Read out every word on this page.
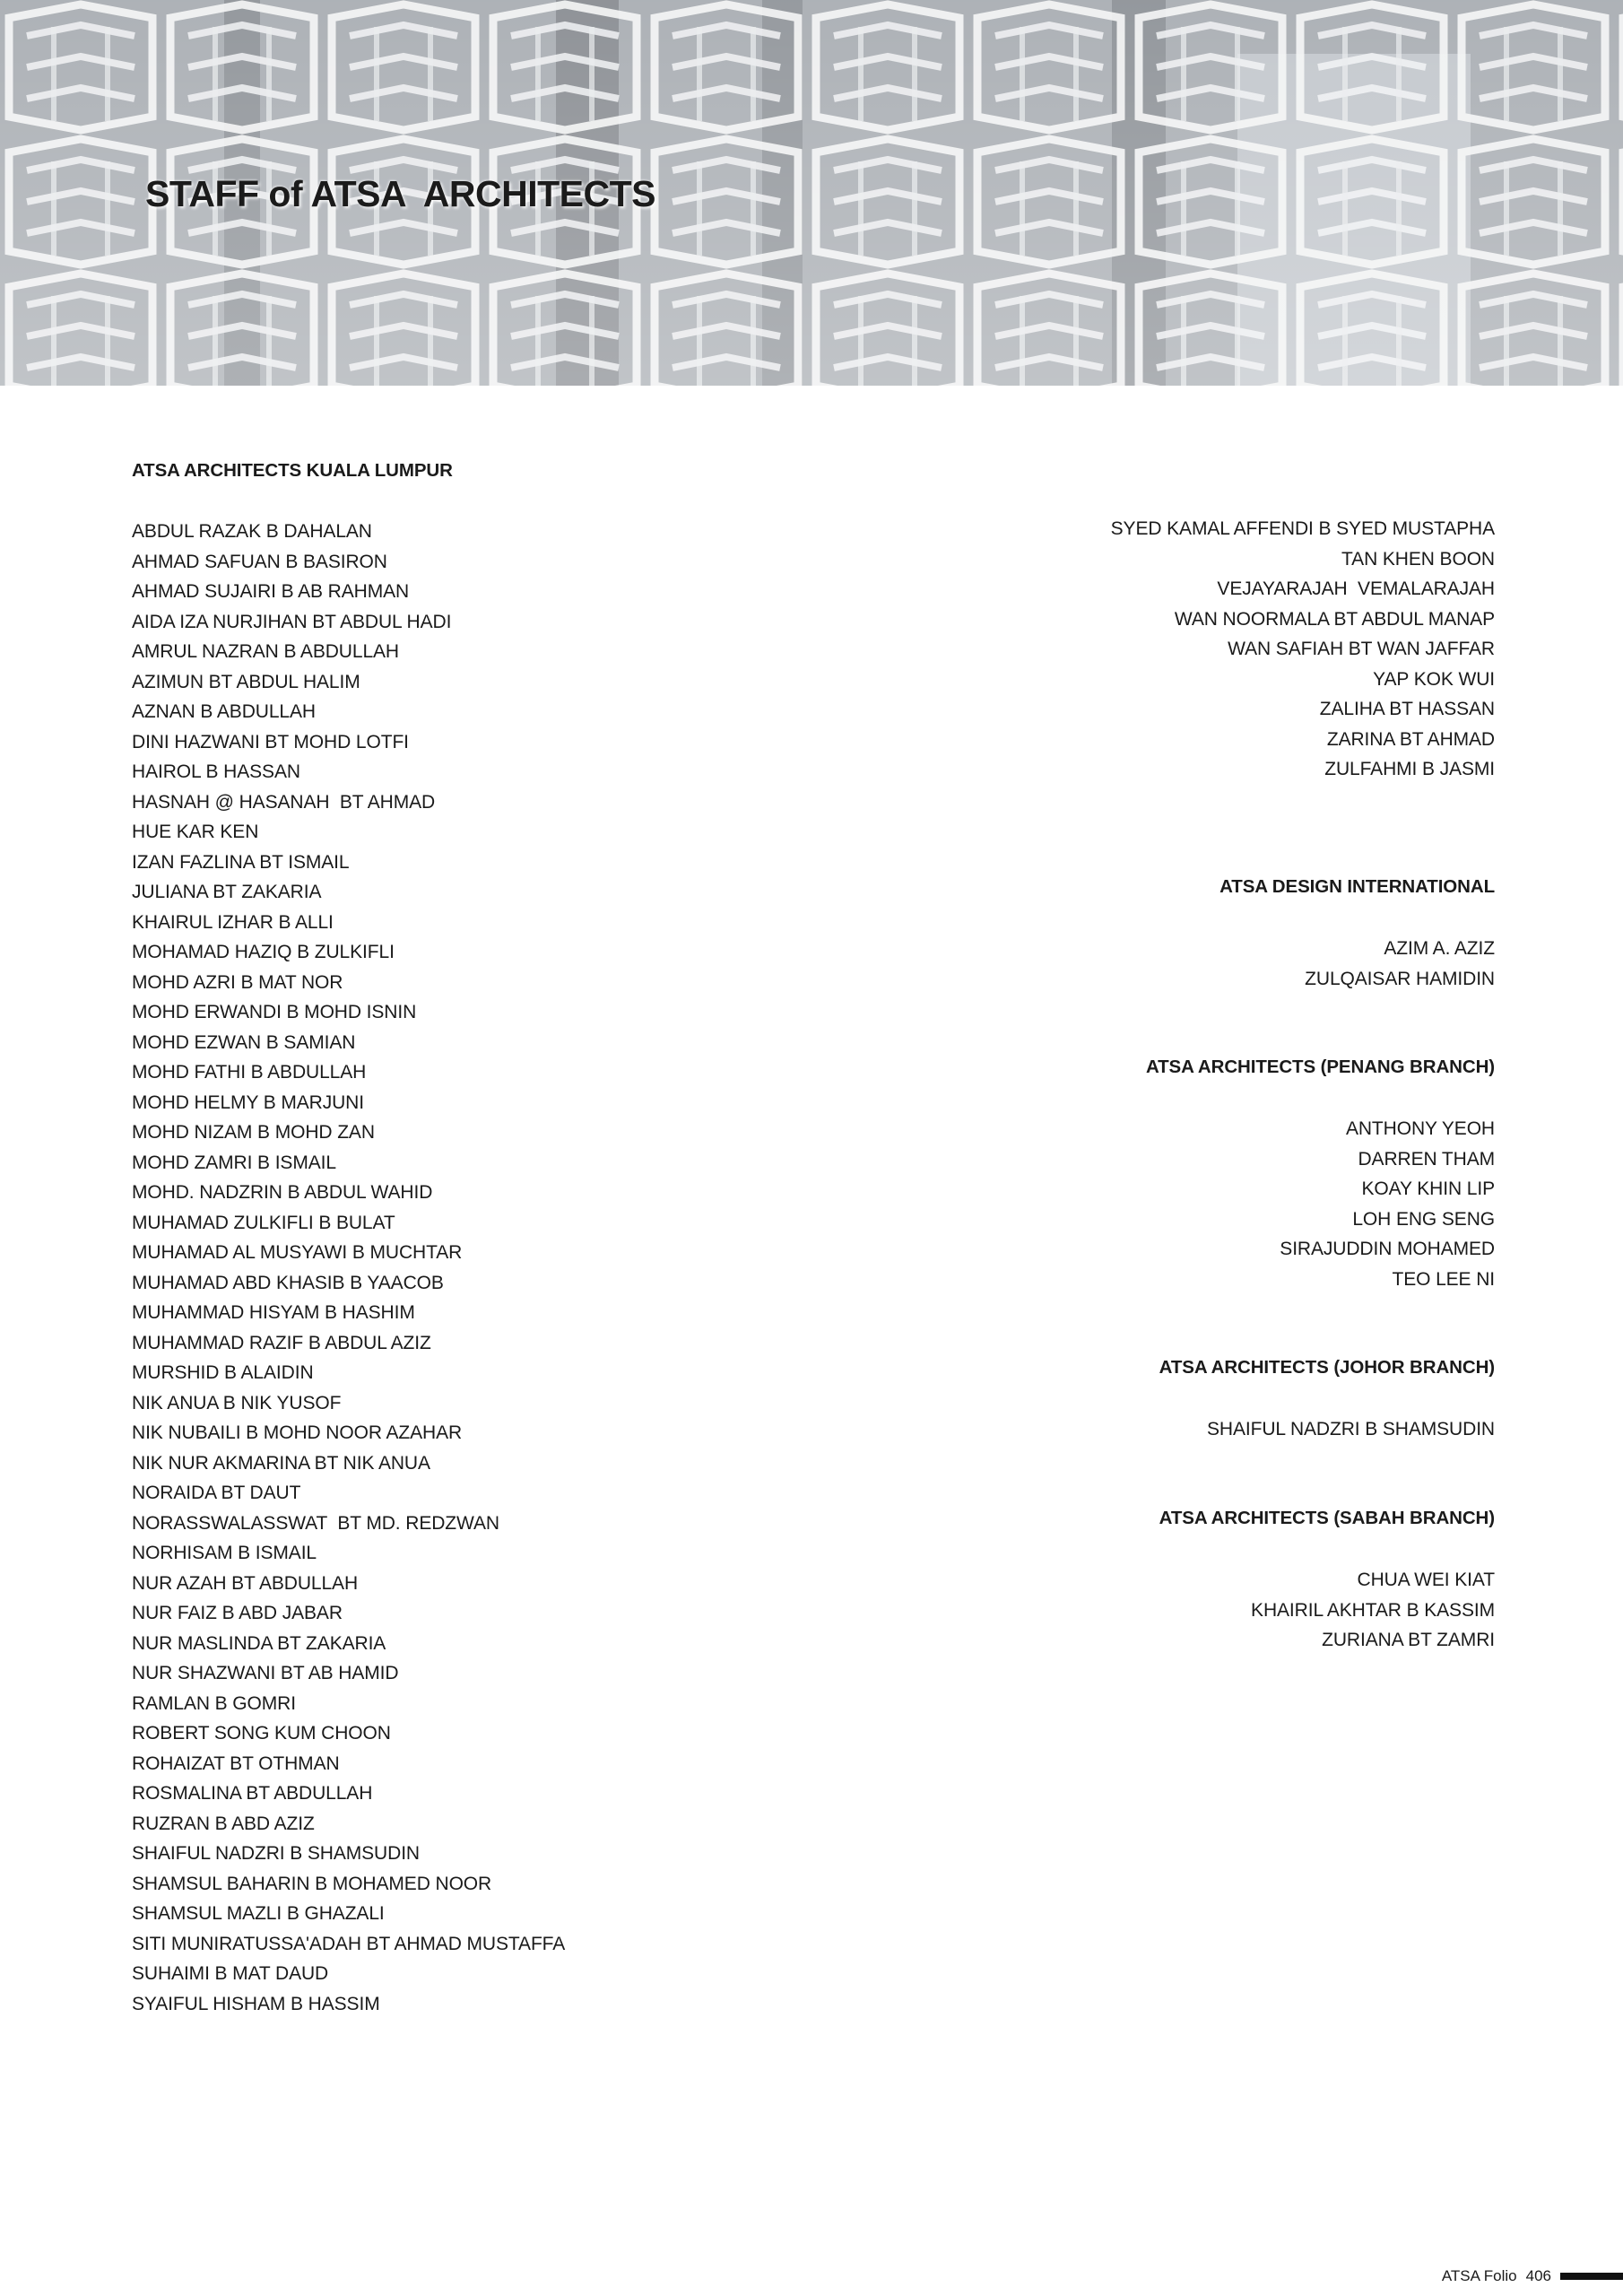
STAFF of ATSA  ARCHITECTS
ATSA ARCHITECTS KUALA LUMPUR
ABDUL RAZAK B DAHALAN
AHMAD SAFUAN B BASIRON
AHMAD SUJAIRI B AB RAHMAN
AIDA IZA NURJIHAN BT ABDUL HADI
AMRUL NAZRAN B ABDULLAH
AZIMUN BT ABDUL HALIM
AZNAN B ABDULLAH
DINI HAZWANI BT MOHD LOTFI
HAIROL B HASSAN
HASNAH @ HASANAH  BT AHMAD
HUE KAR KEN
IZAN FAZLINA BT ISMAIL
JULIANA BT ZAKARIA
KHAIRUL IZHAR B ALLI
MOHAMAD HAZIQ B ZULKIFLI
MOHD AZRI B MAT NOR
MOHD ERWANDI B MOHD ISNIN
MOHD EZWAN B SAMIAN
MOHD FATHI B ABDULLAH
MOHD HELMY B MARJUNI
MOHD NIZAM B MOHD ZAN
MOHD ZAMRI B ISMAIL
MOHD. NADZRIN B ABDUL WAHID
MUHAMAD ZULKIFLI B BULAT
MUHAMAD AL MUSYAWI B MUCHTAR
MUHAMAD ABD KHASIB B YAACOB
MUHAMMAD HISYAM B HASHIM
MUHAMMAD RAZIF B ABDUL AZIZ
MURSHID B ALAIDIN
NIK ANUA B NIK YUSOF
NIK NUBAILI B MOHD NOOR AZAHAR
NIK NUR AKMARINA BT NIK ANUA
NORAIDA BT DAUT
NORASSWALASSWAT  BT MD. REDZWAN
NORHISAM B ISMAIL
NUR AZAH BT ABDULLAH
NUR FAIZ B ABD JABAR
NUR MASLINDA BT ZAKARIA
NUR SHAZWANI BT AB HAMID
RAMLAN B GOMRI
ROBERT SONG KUM CHOON
ROHAIZAT BT OTHMAN
ROSMALINA BT ABDULLAH
RUZRAN B ABD AZIZ
SHAIFUL NADZRI B SHAMSUDIN
SHAMSUL BAHARIN B MOHAMED NOOR
SHAMSUL MAZLI B GHAZALI
SITI MUNIRATUSSA'ADAH BT AHMAD MUSTAFFA
SUHAIMI B MAT DAUD
SYAIFUL HISHAM B HASSIM
SYED KAMAL AFFENDI B SYED MUSTAPHA
TAN KHEN BOON
VEJAYARAJAH  VEMALARAJAH
WAN NOORMALA BT ABDUL MANAP
WAN SAFIAH BT WAN JAFFAR
YAP KOK WUI
ZALIHA BT HASSAN
ZARINA BT AHMAD
ZULFAHMI B JASMI
ATSA DESIGN INTERNATIONAL
AZIM A. AZIZ
ZULQAISAR HAMIDIN
ATSA ARCHITECTS (PENANG BRANCH)
ANTHONY YEOH
DARREN THAM
KOAY KHIN LIP
LOH ENG SENG
SIRAJUDDIN MOHAMED
TEO LEE NI
ATSA ARCHITECTS (JOHOR BRANCH)
SHAIFUL NADZRI B SHAMSUDIN
ATSA ARCHITECTS (SABAH BRANCH)
CHUA WEI KIAT
KHAIRIL AKHTAR B KASSIM
ZURIANA BT ZAMRI
ATSA Folio 406
